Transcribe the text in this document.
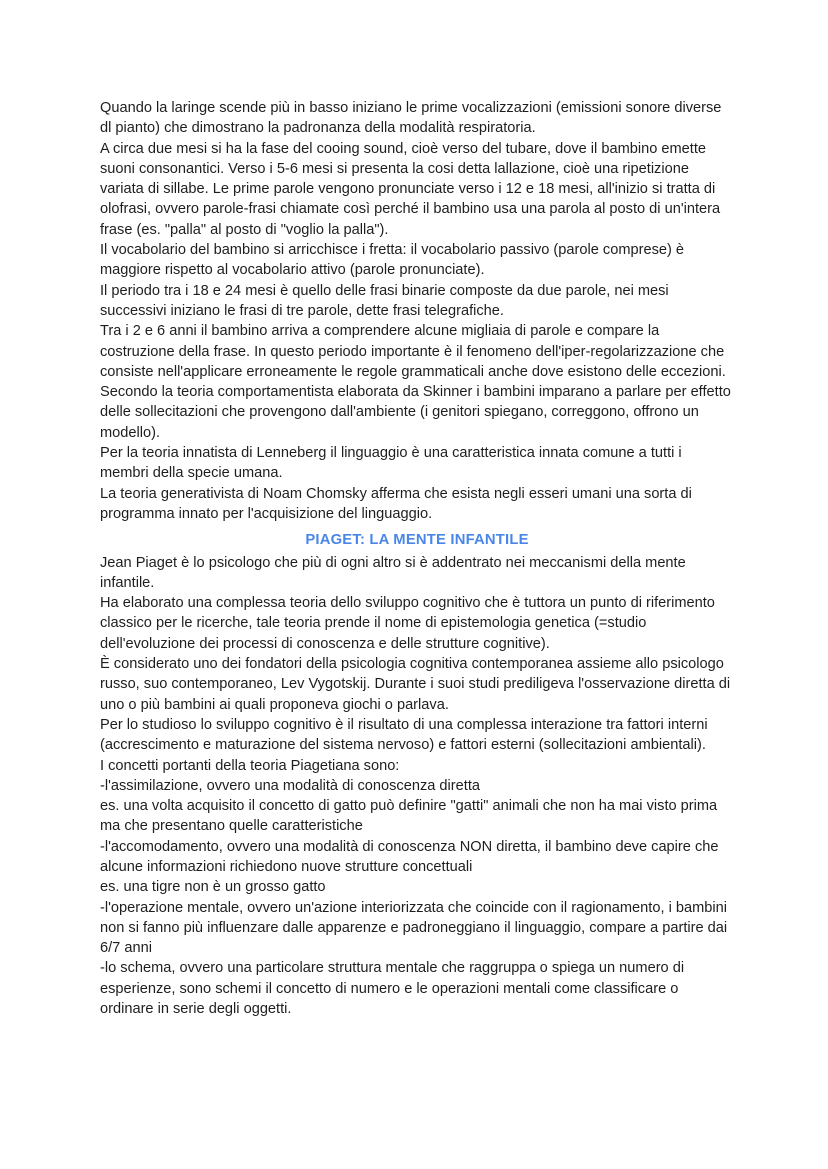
Quando la laringe scende più in basso iniziano le prime vocalizzazioni (emissioni sonore diverse dl pianto) che dimostrano la padronanza della modalità respiratoria.

A circa due mesi si ha la fase del cooing sound, cioè verso del tubare, dove il bambino emette suoni consonantici. Verso i 5-6 mesi si presenta la cosi detta lallazione, cioè una ripetizione variata di sillabe. Le prime parole vengono pronunciate verso i 12 e 18 mesi, all'inizio si tratta di olofrasi, ovvero parole-frasi chiamate così perché il bambino usa una parola al posto di un'intera frase (es. "palla" al posto di "voglio la palla").

Il vocabolario del bambino si arricchisce i fretta: il vocabolario passivo (parole comprese) è maggiore rispetto al vocabolario attivo (parole pronunciate).

Il periodo tra i 18 e 24 mesi è quello delle frasi binarie composte da due parole, nei mesi successivi iniziano le frasi di tre parole, dette frasi telegrafiche.

Tra i 2 e 6 anni il bambino arriva a comprendere alcune migliaia di parole e compare la costruzione della frase. In questo periodo importante è il fenomeno dell'iper-regolarizzazione che consiste nell'applicare erroneamente le regole grammaticali anche dove esistono delle eccezioni.

Secondo la teoria comportamentista elaborata da Skinner i bambini imparano a parlare per effetto delle sollecitazioni che provengono dall'ambiente (i genitori spiegano, correggono, offrono un modello).

Per la teoria innatista di Lenneberg il linguaggio è una caratteristica innata comune a tutti i membri della specie umana.

La teoria generativista di Noam Chomsky afferma che esista negli esseri umani una sorta di programma innato per l'acquisizione del linguaggio.

PIAGET: LA MENTE INFANTILE

Jean Piaget è lo psicologo che più di ogni altro si è addentrato nei meccanismi della mente infantile.

Ha elaborato una complessa teoria dello sviluppo cognitivo che è tuttora un punto di riferimento classico per le ricerche, tale teoria prende il nome di epistemologia genetica (=studio dell'evoluzione dei processi di conoscenza e delle strutture cognitive).

È considerato uno dei fondatori della psicologia cognitiva contemporanea assieme allo psicologo russo, suo contemporaneo, Lev Vygotskij. Durante i suoi studi prediligeva l'osservazione diretta di uno o più bambini ai quali proponeva giochi o parlava.

Per lo studioso lo sviluppo cognitivo è il risultato di una complessa interazione tra fattori interni (accrescimento e maturazione del sistema nervoso) e fattori esterni (sollecitazioni ambientali).

I concetti portanti della teoria Piagetiana sono:

-l'assimilazione, ovvero una modalità di conoscenza diretta

es. una volta acquisito il concetto di gatto può definire "gatti" animali che non ha mai visto prima ma che presentano quelle caratteristiche

-l'accomodamento, ovvero una modalità di conoscenza NON diretta, il bambino deve capire che alcune informazioni richiedono nuove strutture concettuali

es. una tigre non è un grosso gatto

-l'operazione mentale, ovvero un'azione interiorizzata che coincide con il ragionamento, i bambini non si fanno più influenzare dalle apparenze e padroneggiano il linguaggio, compare a partire dai 6/7 anni

-lo schema, ovvero una particolare struttura mentale che raggruppa o spiega un numero di esperienze, sono schemi il concetto di numero e le operazioni mentali come classificare o ordinare in serie degli oggetti.
